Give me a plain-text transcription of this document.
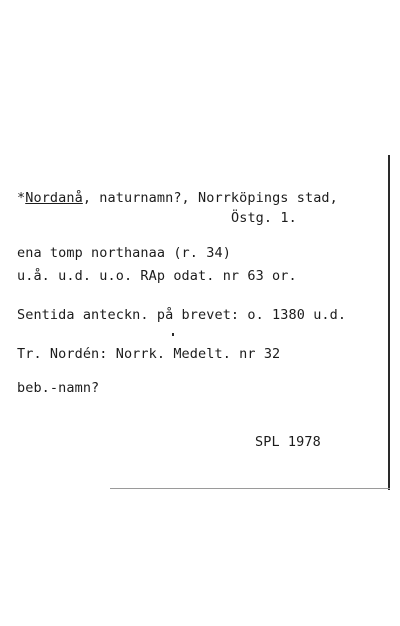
*Nordanå, naturnamn?, Norrköpings stad,
Östg. 1.
ena tomp northanaa (r. 34)
u.å. u.d. u.o. RAp odat. nr 63 or.
Sentida anteckn. på brevet: o. 1380 u.d.
Tr. Nordén: Norrk. Medelt. nr 32
beb.-namn?
SPL 1978
